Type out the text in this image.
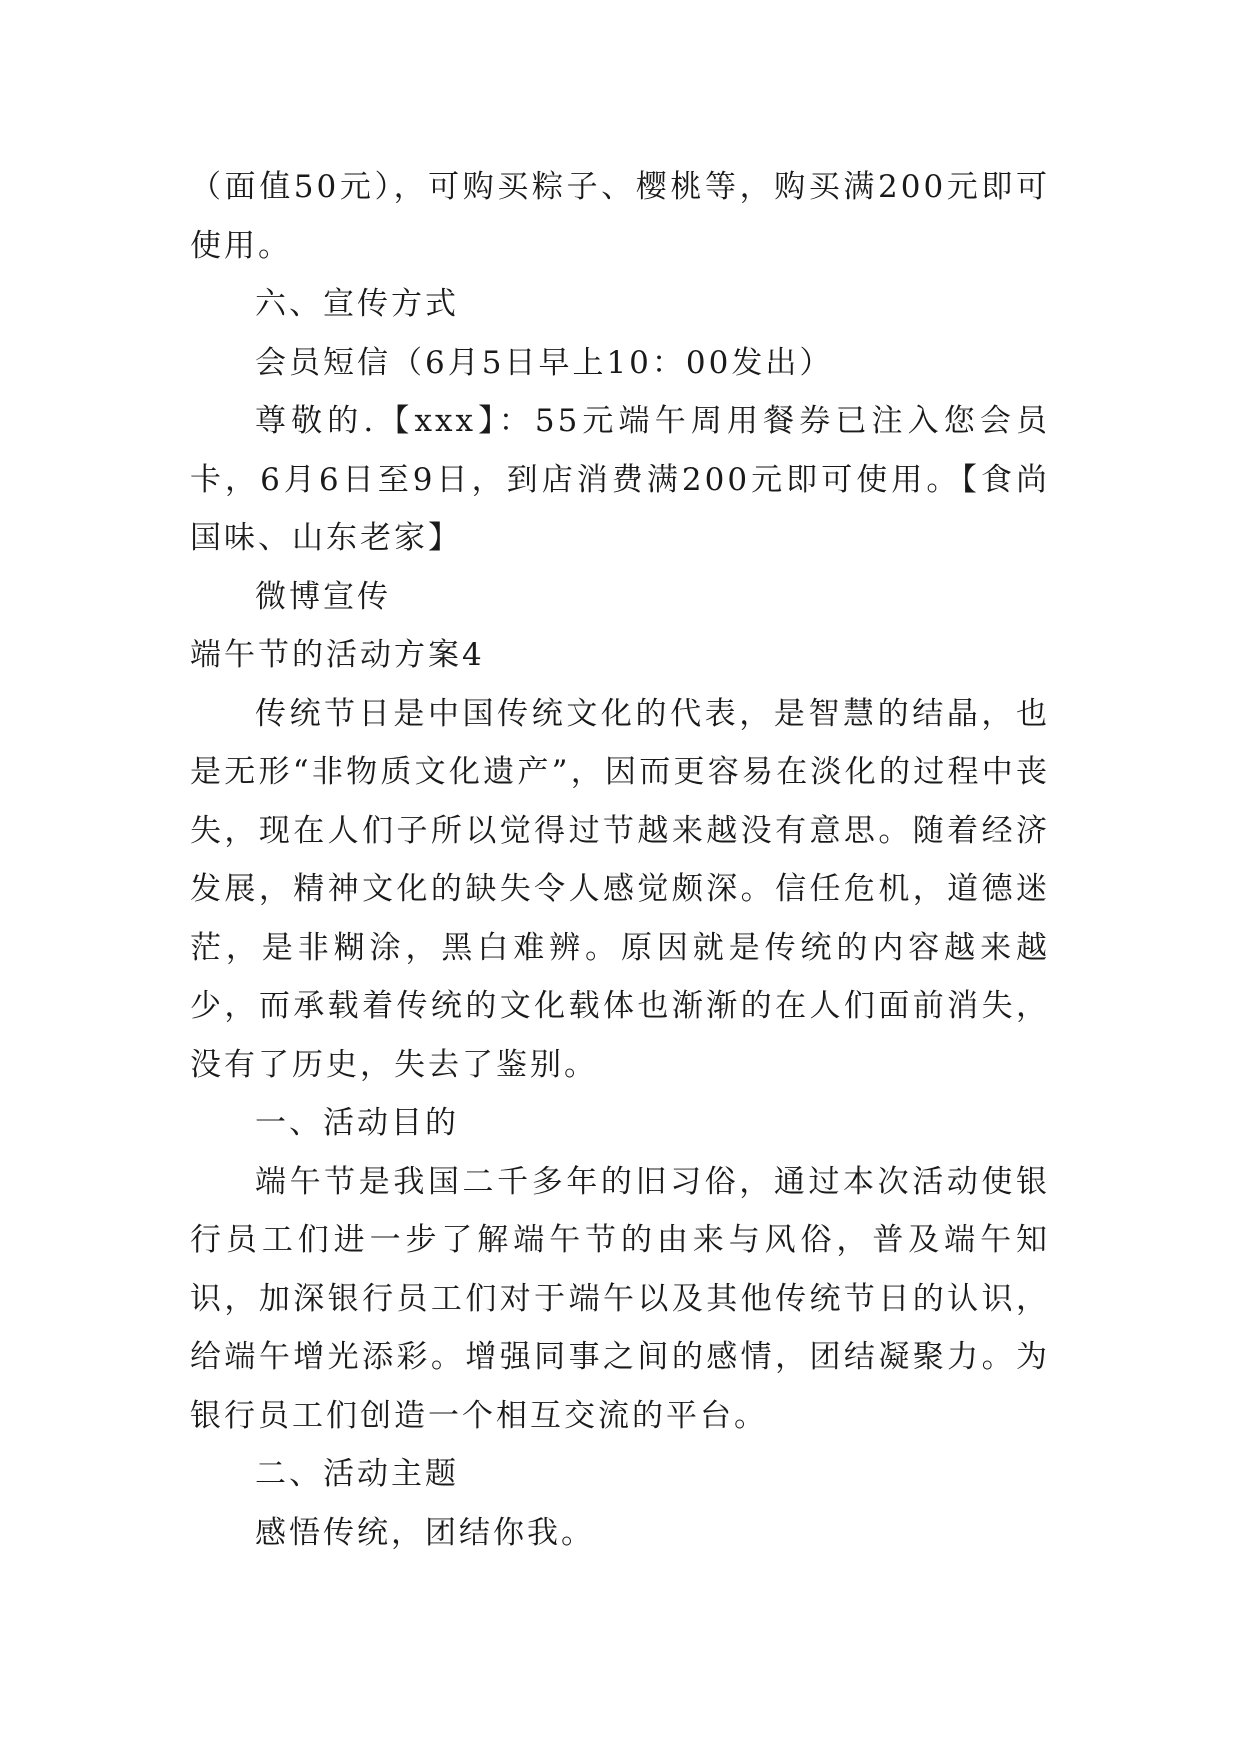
（面值50元），可购买粽子、樱桃等，购买满200元即可使用。

六、宣传方式

会员短信（6月5日早上10：00发出）

尊敬的.【xxx】：55元端午周用餐券已注入您会员卡，6月6日至9日，到店消费满200元即可使用。【食尚国味、山东老家】

微博宣传

端午节的活动方案4

传统节日是中国传统文化的代表，是智慧的结晶，也是无形“非物质文化遗产”，因而更容易在淡化的过程中丧失，现在人们子所以觉得过节越来越没有意思。随着经济发展，精神文化的缺失令人感觉颇深。信任危机，道德迷茫，是非糊涂，黑白难辨。原因就是传统的内容越来越少，而承载着传统的文化载体也渐渐的在人们面前消失，没有了历史，失去了鉴别。

一、活动目的

端午节是我国二千多年的旧习俗，通过本次活动使银行员工们进一步了解端午节的由来与风俗，普及端午知识，加深银行员工们对于端午以及其他传统节日的认识，给端午增光添彩。增强同事之间的感情，团结凝聚力。为银行员工们创造一个相互交流的平台。

二、活动主题

感悟传统，团结你我。
